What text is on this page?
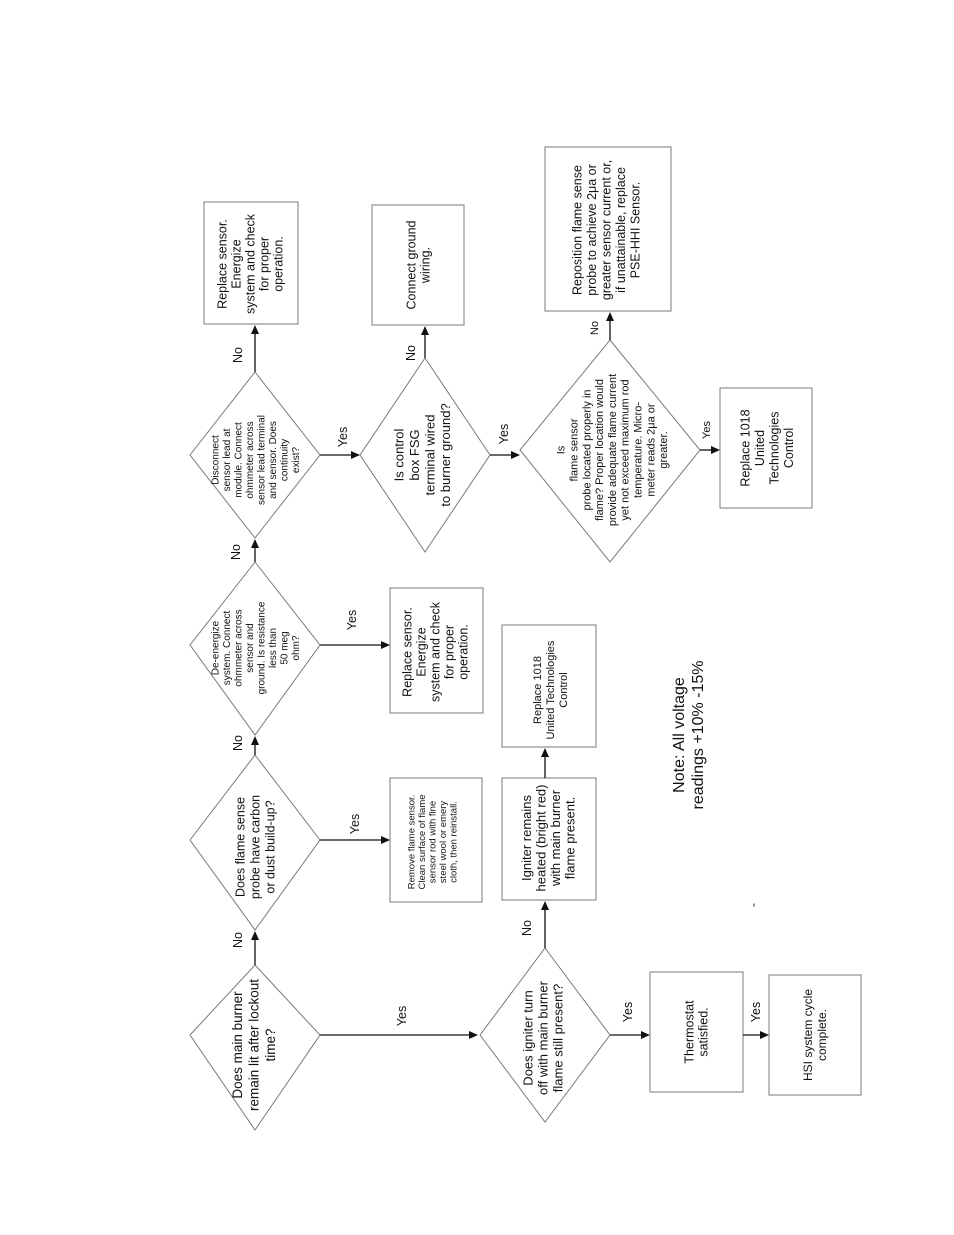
Does main burner remain lit after lockout time?
Does flame senseprobe have carbonor dust build-up?
De-energizesystem. Connectohmmeter acrosssensor andground. Is resistanceless than50 megohm?
Disconnectsensor lead atmodule. Connectohmmeter acrosssensor lead terminaland sensor. Doescontinuityexist?
Does igniter turnoff with main burnerflame still present?
Is controlbox FSGterminal wiredto burner ground?	Isflame sensorprobe located properly inflame? Proper location wouldprovide adequate flame currentyet not exceed maximum rodtemperature. Micro-meter reads 2μa orgreater.
Remove flame sensor.Clean surface of flamesensor rod with finesteel wool or emerycloth, then reinstall.
Replace sensor.Energizesystem and checkfor properoperation.
Replace sensor.Energizesystem and checkfor properoperation.
Igniter remainsheated (bright red)with main burnerflame present.
Replace 1018United TechnologiesControl
Connect groundwiring.	Reposition flame senseprobe to achieve 2μa orgreater sensor current or,if unattainable, replacePSE-HHI Sensor.
Replace 1018UnitedTechnologiesControl
Thermostatsatisfied.	HSI system cyclecomplete.
Note: All voltage readings +10% -15%
-
No
Yes
Yes
No
Yes
No
No
Yes
No
Yes
No
Yes
No
Yes	Yes
